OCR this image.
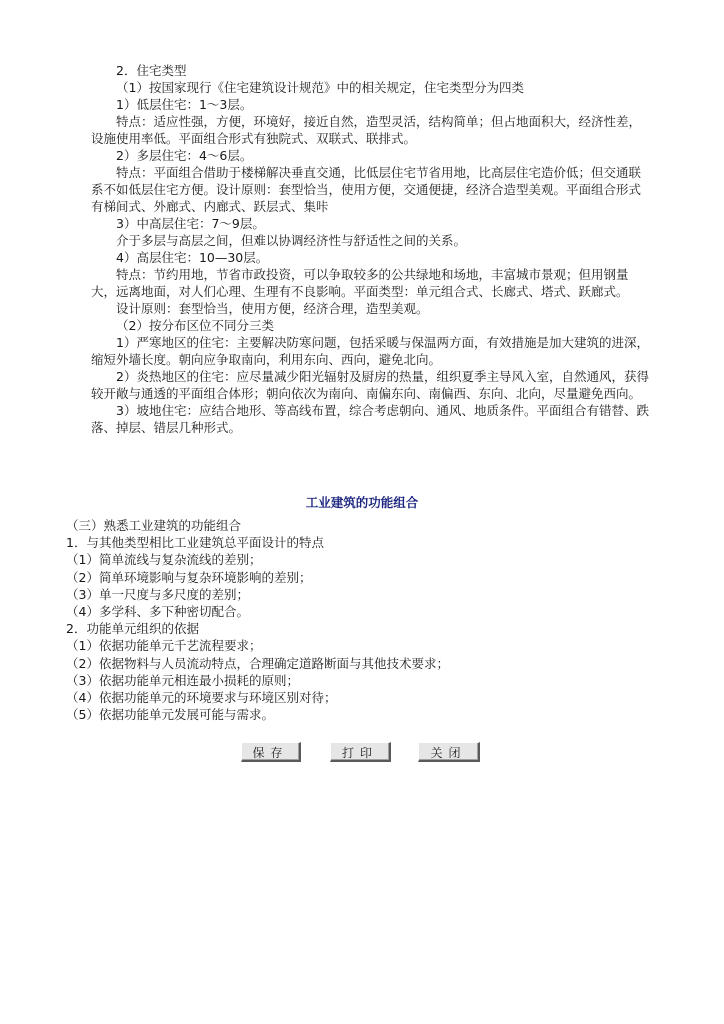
2．住宅类型

（1）按国家现行《住宅建筑设计规范》中的相关规定，住宅类型分为四类

1）低层住宅：1～3层。

特点：适应性强，方便，环境好，接近自然，造型灵活，结构简单；但占地面积大，经济性差，设施使用率低。平面组合形式有独院式、双联式、联排式。

2）多层住宅：4～6层。

特点：平面组合借助于楼梯解决垂直交通，比低层住宅节省用地，比高层住宅造价低；但交通联系不如低层住宅方便。设计原则：套型恰当，使用方便，交通便捷，经济合造型美观。平面组合形式有梯间式、外廊式、内廊式、跃层式、集咔

3）中高层住宅：7～9层。

介于多层与高层之间，但难以协调经济性与舒适性之间的关系。

4）高层住宅：10—30层。

特点：节约用地，节省市政投资，可以争取较多的公共绿地和场地，丰富城市景观；但用钢量大，远离地面，对人们心理、生理有不良影响。平面类型：单元组合式、长廊式、塔式、跃廊式。

设计原则：套型恰当，使用方便，经济合理，造型美观。

（2）按分布区位不同分三类

1）严寒地区的住宅：主要解决防寒问题，包括采暖与保温两方面，有效措施是加大建筑的进深，缩短外墙长度。朝向应争取南向，利用东向、西向，避免北向。

2）炎热地区的住宅：应尽量减少阳光辐射及厨房的热量，组织夏季主导风入室，自然通风，获得较开敞与通透的平面组合体形；朝向依次为南向、南偏东向、南偏西、东向、北向，尽量避免西向。

3）坡地住宅：应结合地形、等高线布置，综合考虑朝向、通风、地质条件。平面组合有错替、跌落、掉层、错层几种形式。

工业建筑的功能组合

（三）熟悉工业建筑的功能组合

1．与其他类型相比工业建筑总平面设计的特点

（1）简单流线与复杂流线的差别；

（2）简单环境影响与复杂环境影响的差别；

（3）单一尺度与多尺度的差别；

（4）多学科、多下种密切配合。

2．功能单元组织的依据

（1）依据功能单元千艺流程要求；

（2）依据物料与人员流动特点，合理确定道路断面与其他技术要求；

（3）依据功能单元相连最小损耗的原则；

（4）依据功能单元的环境要求与环境区别对待；

（5）依据功能单元发展可能与需求。

保存	打印	关闭
